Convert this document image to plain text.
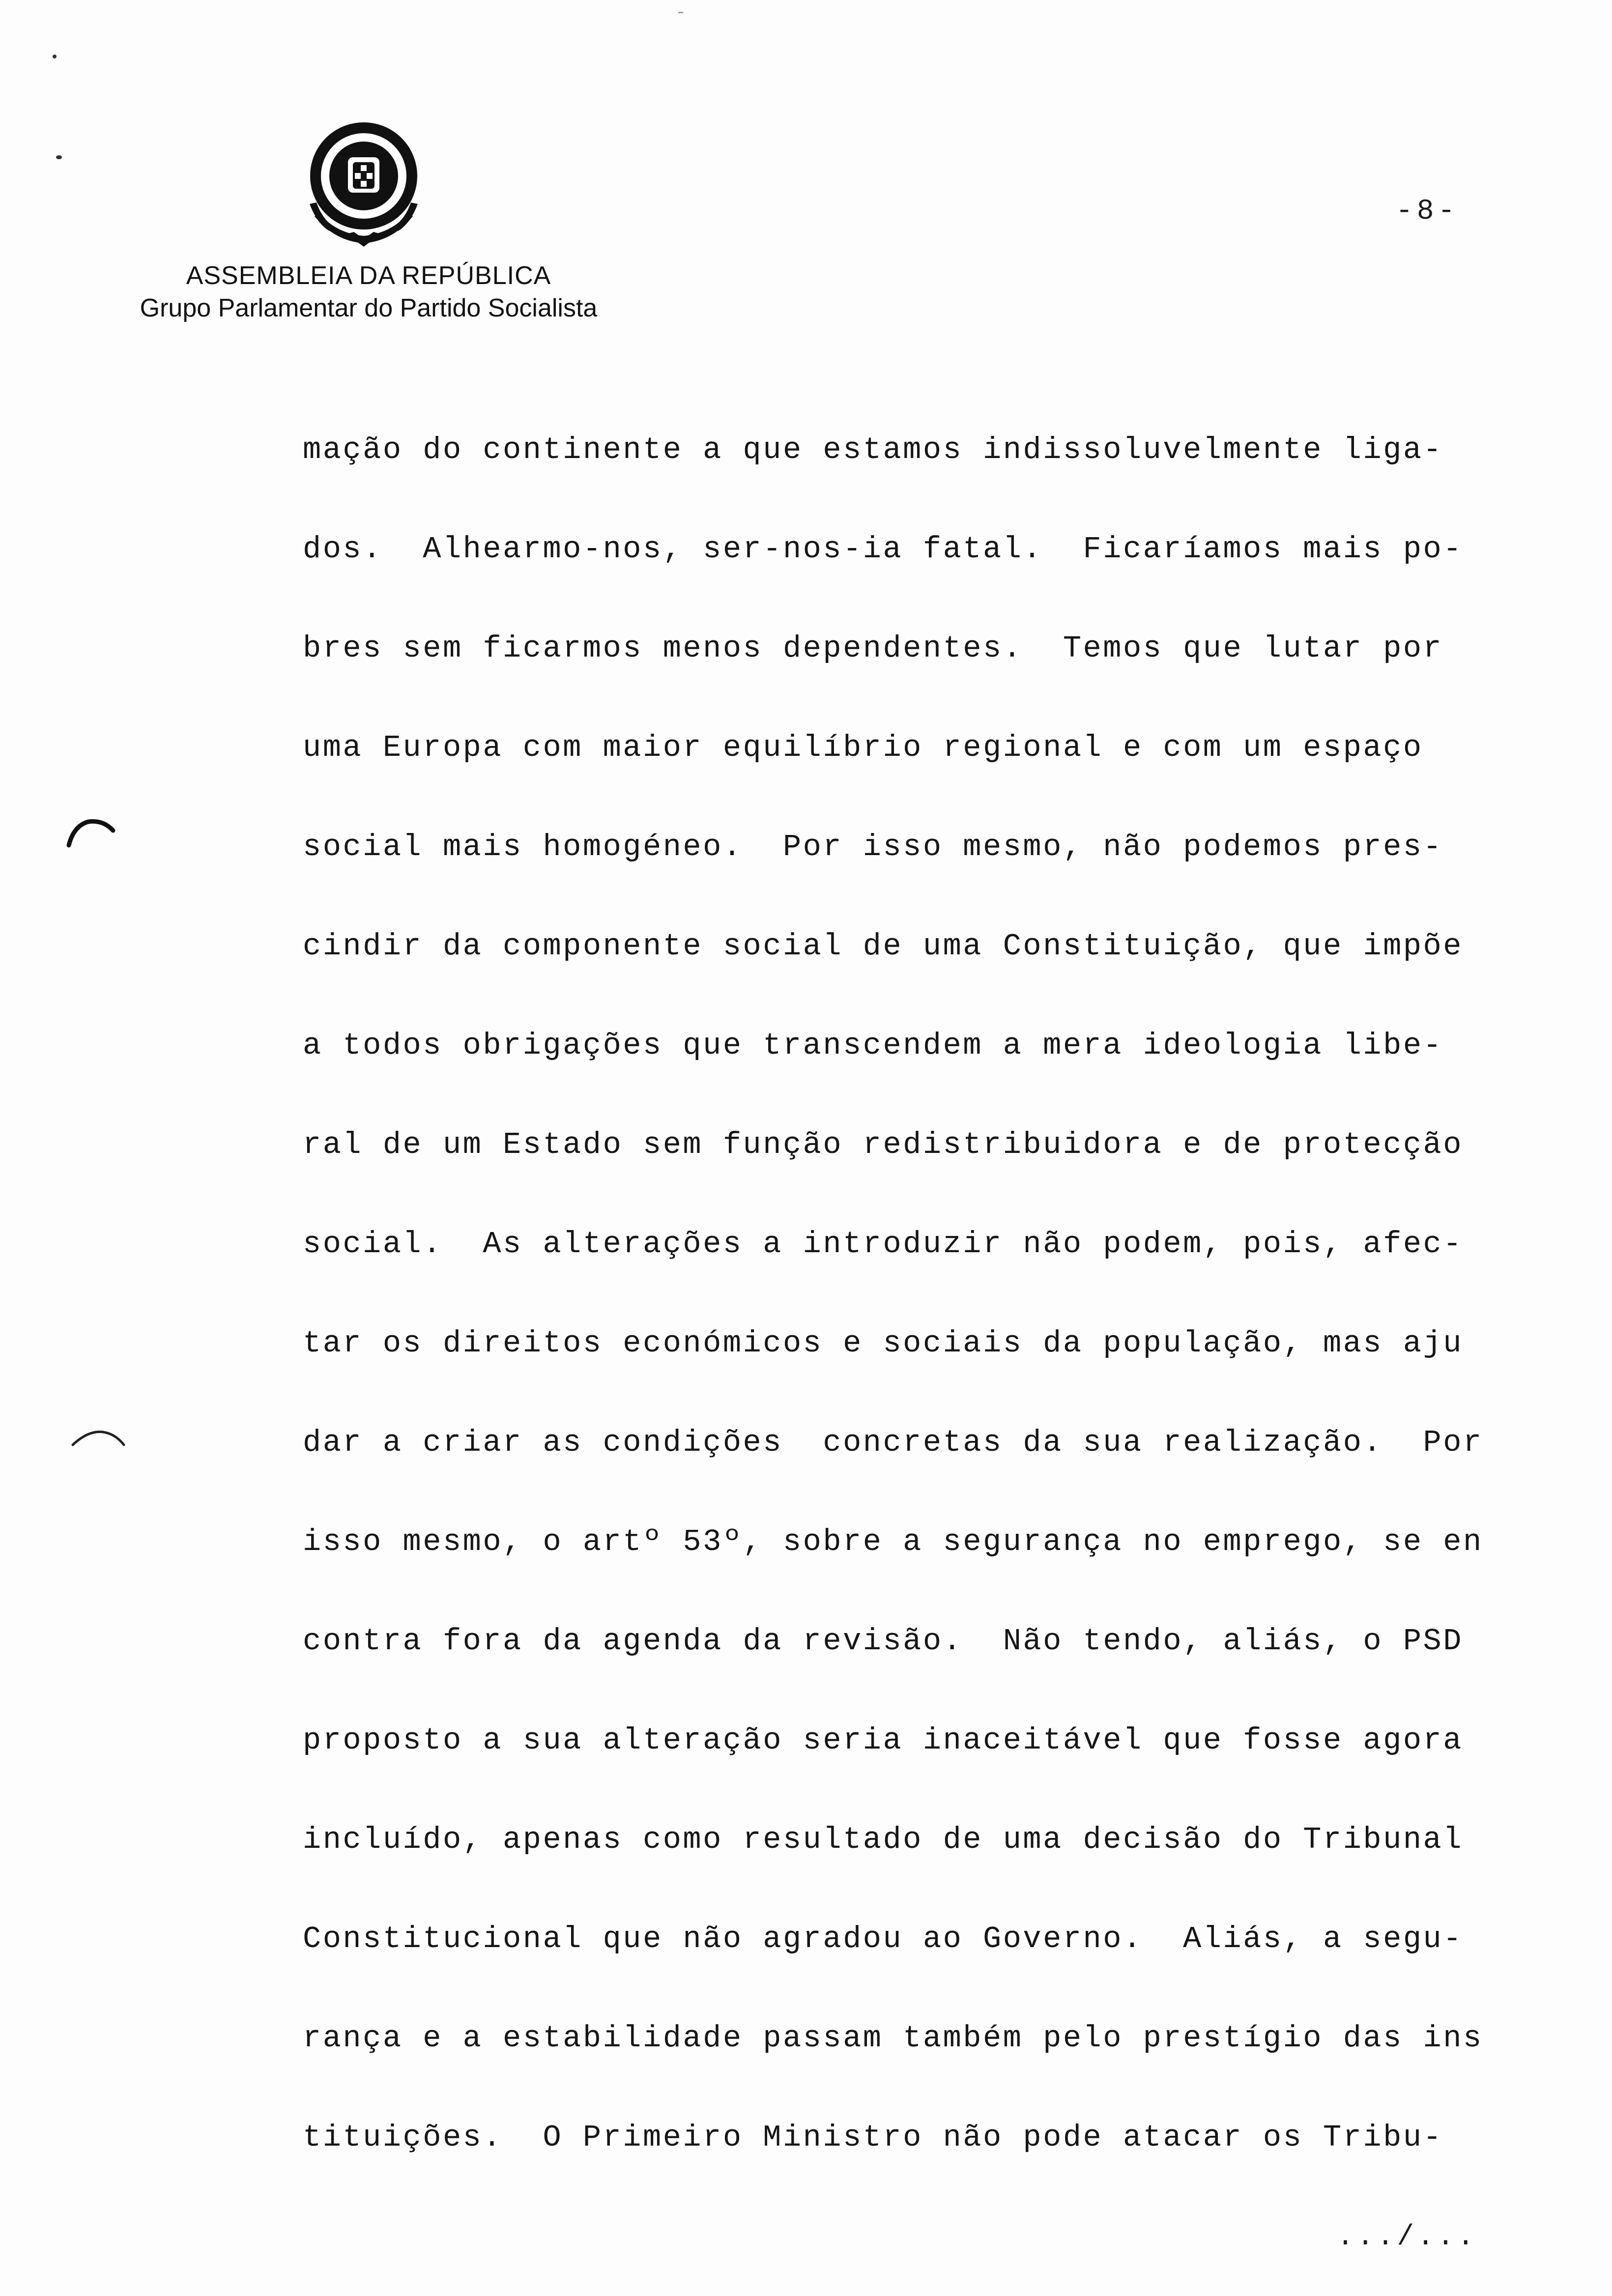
ASSEMBLEIA DA REPÚBLICA
Grupo Parlamentar do Partido Socialista
-8-
mação do continente a que estamos indissoluvelmente liga-
dos.  Alhearmo-nos, ser-nos-ia fatal.  Ficaríamos mais po-
bres sem ficarmos menos dependentes.  Temos que lutar por
uma Europa com maior equilíbrio regional e com um espaço
social mais homogéneo.  Por isso mesmo, não podemos pres-
cindir da componente social de uma Constituição, que impõe
a todos obrigações que transcendem a mera ideologia libe-
ral de um Estado sem função redistribuidora e de protecção
social.  As alterações a introduzir não podem, pois, afec-
tar os direitos económicos e sociais da população, mas aju
dar a criar as condições  concretas da sua realização.  Por
isso mesmo, o artº 53º, sobre a segurança no emprego, se en
contra fora da agenda da revisão.  Não tendo, aliás, o PSD
proposto a sua alteração seria inaceitável que fosse agora
incluído, apenas como resultado de uma decisão do Tribunal
Constitucional que não agradou ao Governo.  Aliás, a segu-
rança e a estabilidade passam também pelo prestígio das ins
tituições.  O Primeiro Ministro não pode atacar os Tribu-
.../...
